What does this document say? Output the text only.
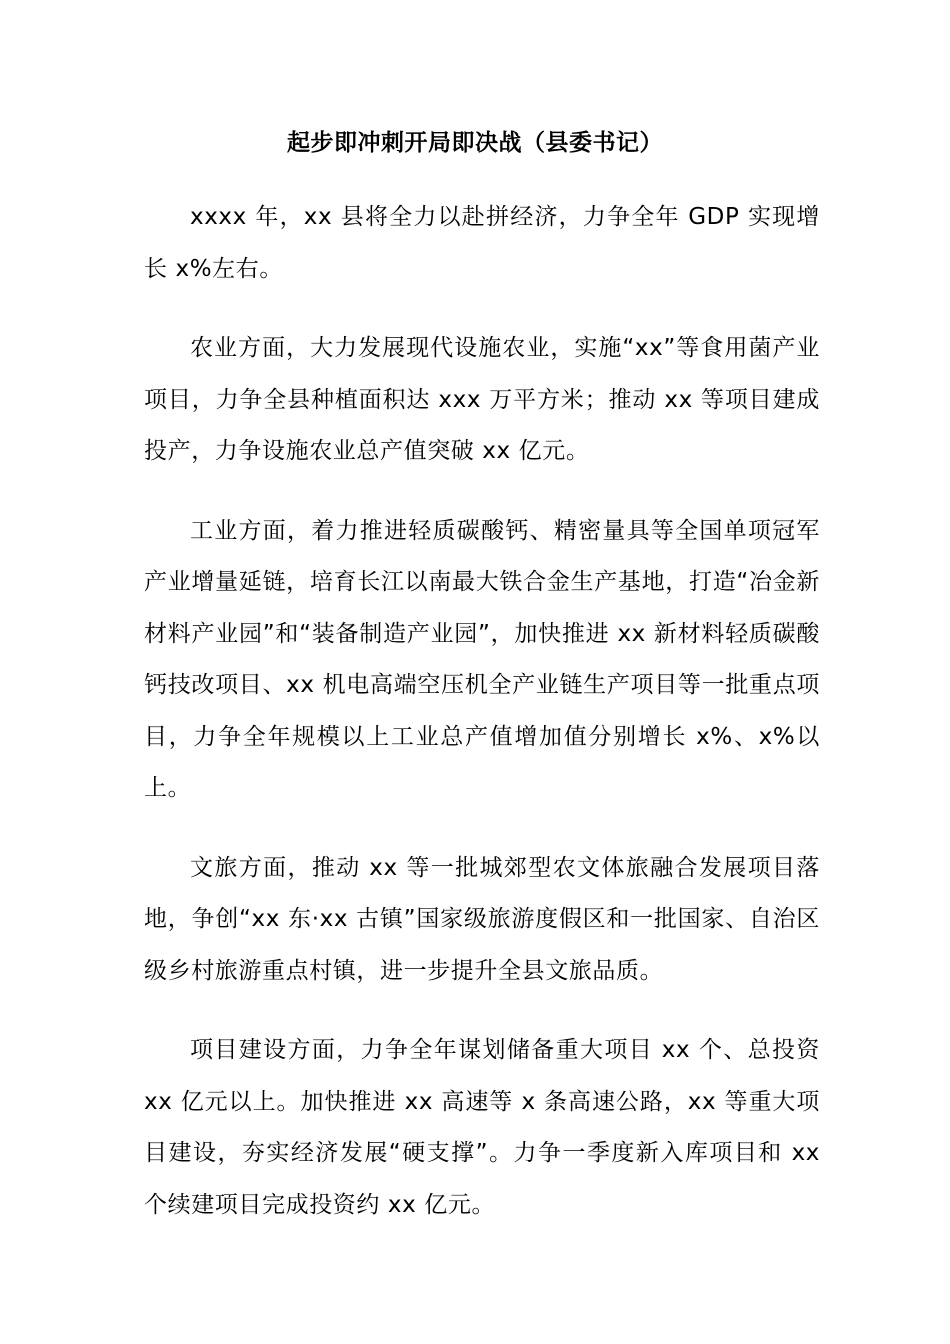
起步即冲刺开局即决战（县委书记）

xxxx 年，xx 县将全力以赴拼经济，力争全年 GDP 实现增长 x%左右。

农业方面，大力发展现代设施农业，实施“xx”等食用菌产业项目，力争全县种植面积达 xxx 万平方米；推动 xx 等项目建成投产，力争设施农业总产值突破 xx 亿元。

工业方面，着力推进轻质碳酸钙、精密量具等全国单项冠军产业增量延链，培育长江以南最大铁合金生产基地，打造“冶金新材料产业园”和“装备制造产业园”，加快推进 xx 新材料轻质碳酸钙技改项目、xx 机电高端空压机全产业链生产项目等一批重点项目，力争全年规模以上工业总产值增加值分别增长 x%、x%以上。

文旅方面，推动 xx 等一批城郊型农文体旅融合发展项目落地，争创“xx 东·xx 古镇”国家级旅游度假区和一批国家、自治区级乡村旅游重点村镇，进一步提升全县文旅品质。

项目建设方面，力争全年谋划储备重大项目 xx 个、总投资 xx 亿元以上。加快推进 xx 高速等 x 条高速公路，xx 等重大项目建设，夯实经济发展“硬支撑”。力争一季度新入库项目和 xx 个续建项目完成投资约 xx 亿元。
